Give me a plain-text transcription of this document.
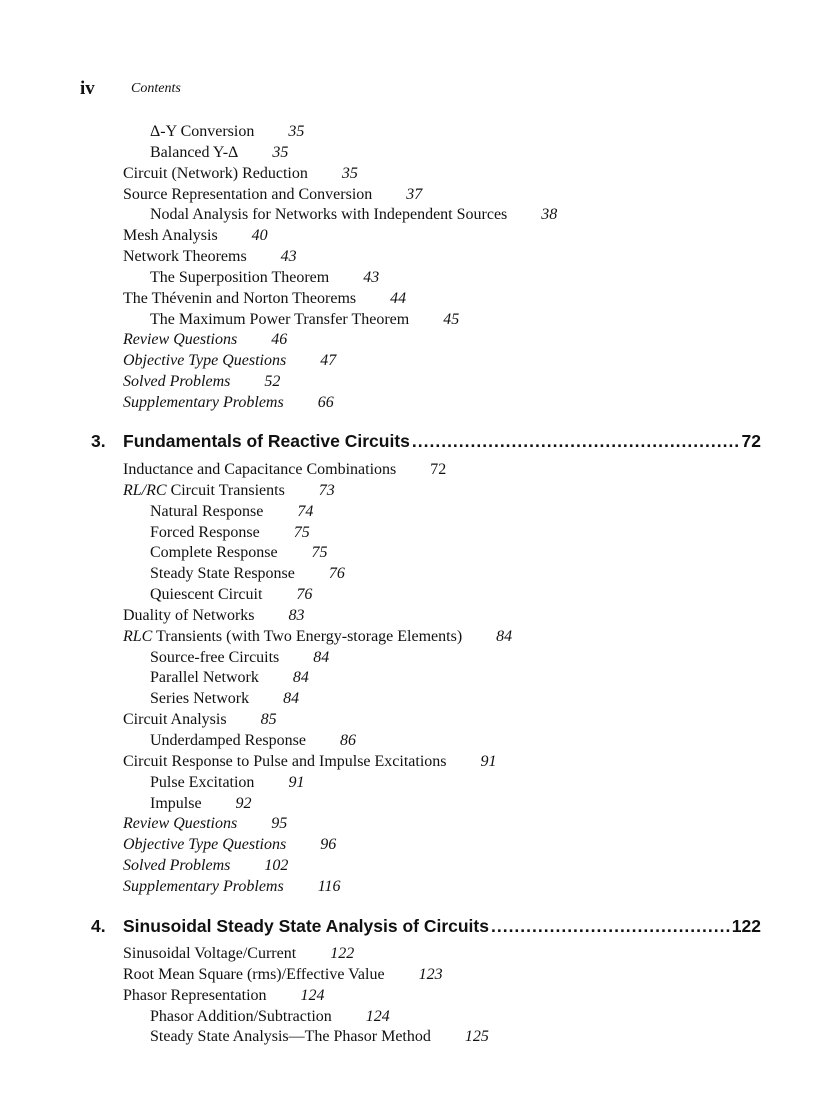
iv	Contents
Δ-Y Conversion 35
Balanced Y-Δ 35
Circuit (Network) Reduction 35
Source Representation and Conversion 37
Nodal Analysis for Networks with Independent Sources 38
Mesh Analysis 40
Network Theorems 43
The Superposition Theorem 43
The Thévenin and Norton Theorems 44
The Maximum Power Transfer Theorem 45
Review Questions 46
Objective Type Questions 47
Solved Problems 52
Supplementary Problems 66
3. Fundamentals of Reactive Circuits .....	72
Inductance and Capacitance Combinations 72
RL/RC Circuit Transients 73
Natural Response 74
Forced Response 75
Complete Response 75
Steady State Response 76
Quiescent Circuit 76
Duality of Networks 83
RLC Transients (with Two Energy-storage Elements) 84
Source-free Circuits 84
Parallel Network 84
Series Network 84
Circuit Analysis 85
Underdamped Response 86
Circuit Response to Pulse and Impulse Excitations 91
Pulse Excitation 91
Impulse 92
Review Questions 95
Objective Type Questions 96
Solved Problems 102
Supplementary Problems 116
4. Sinusoidal Steady State Analysis of Circuits .....	122
Sinusoidal Voltage/Current 122
Root Mean Square (rms)/Effective Value 123
Phasor Representation 124
Phasor Addition/Subtraction 124
Steady State Analysis—The Phasor Method 125
